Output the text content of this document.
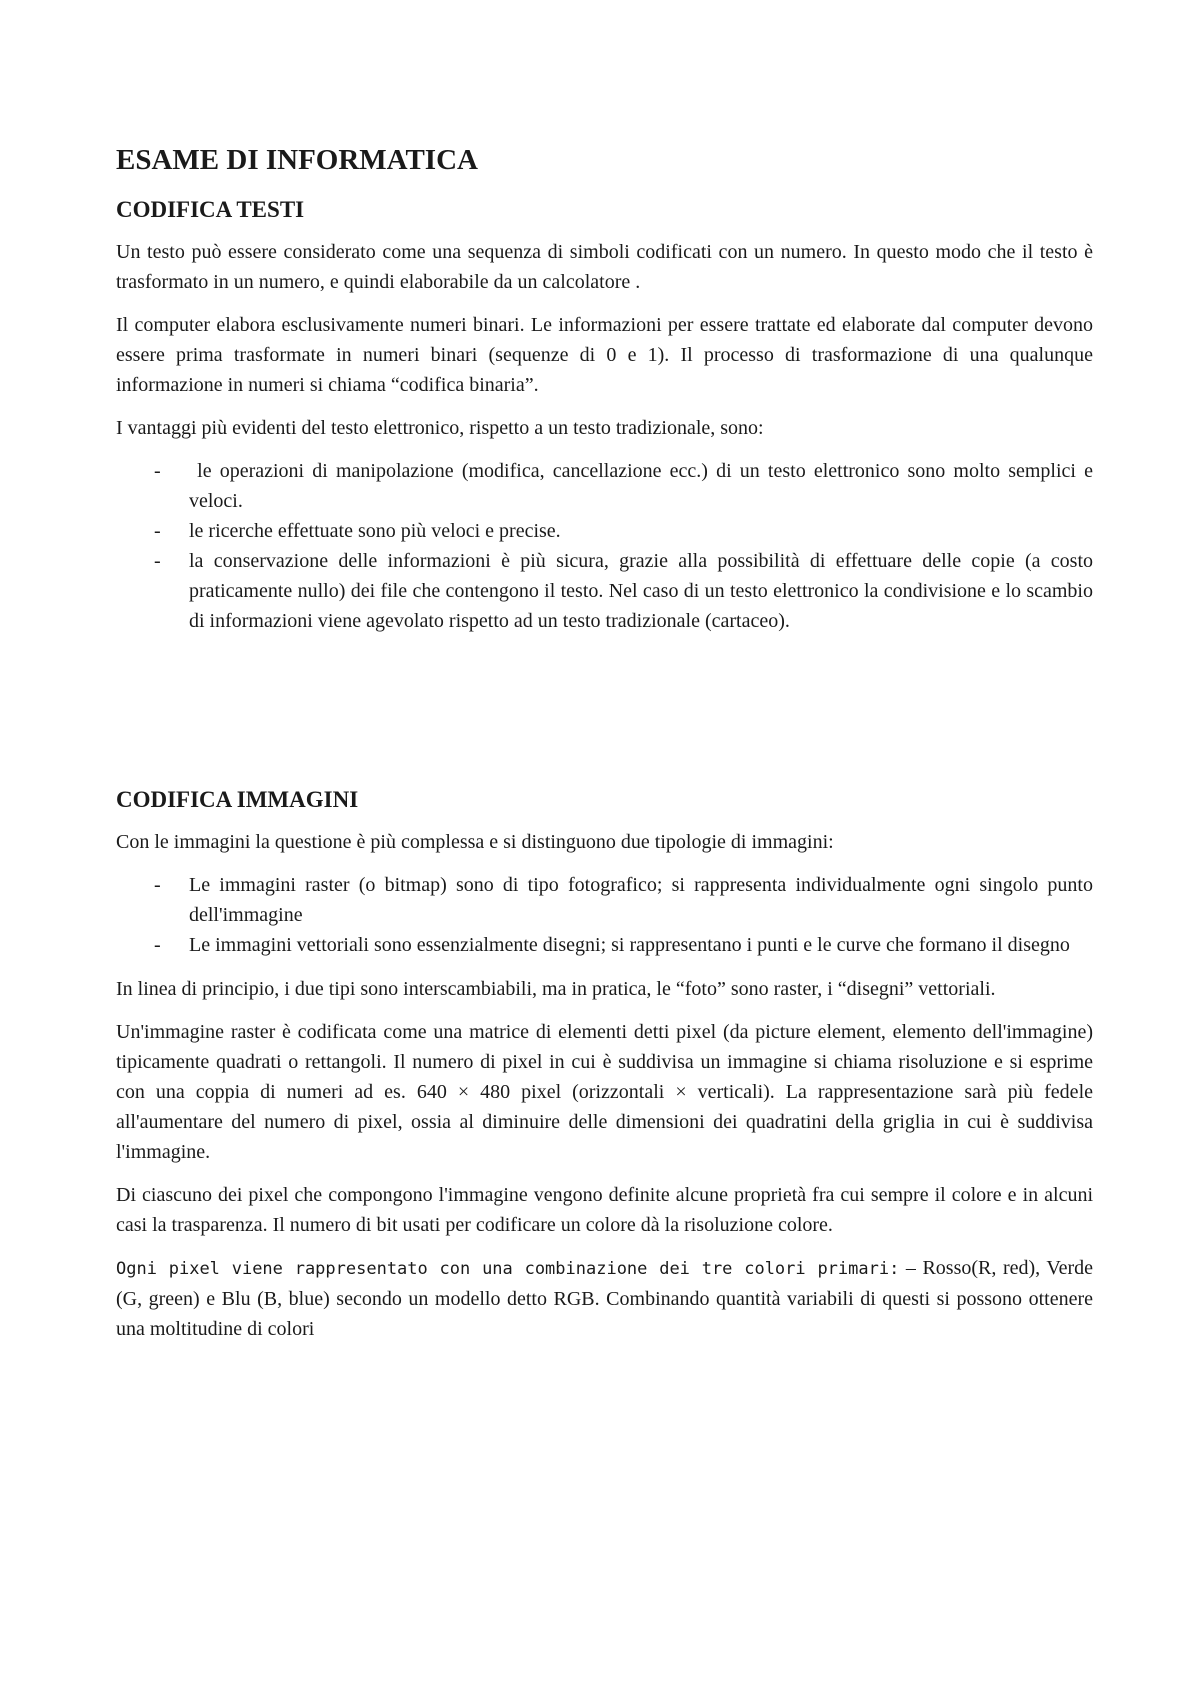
ESAME DI INFORMATICA
CODIFICA TESTI

Un testo può essere considerato come una sequenza di simboli codificati con un numero. In questo modo che il testo è trasformato in un numero, e quindi elaborabile da un calcolatore .

Il computer elabora esclusivamente numeri binari. Le informazioni per essere trattate ed elaborate dal computer devono essere prima trasformate in numeri binari (sequenze di 0 e 1). Il processo di trasformazione di una qualunque informazione in numeri si chiama “codifica binaria”.

I vantaggi più evidenti del testo elettronico, rispetto a un testo tradizionale, sono:

- le operazioni di manipolazione (modifica, cancellazione ecc.) di un testo elettronico sono molto semplici e veloci.
- le ricerche effettuate sono più veloci e precise.
- la conservazione delle informazioni è più sicura, grazie alla possibilità di effettuare delle copie (a costo praticamente nullo) dei file che contengono il testo. Nel caso di un testo elettronico la condivisione e lo scambio di informazioni viene agevolato rispetto ad un testo tradizionale (cartaceo).
CODIFICA IMMAGINI

Con le immagini la questione è più complessa e si distinguono due tipologie di immagini:

- Le immagini raster (o bitmap) sono di tipo fotografico; si rappresenta individualmente ogni singolo punto dell'immagine
- Le immagini vettoriali sono essenzialmente disegni; si rappresentano i punti e le curve che formano il disegno

In linea di principio, i due tipi sono interscambiabili, ma in pratica, le “foto” sono raster, i “disegni” vettoriali.

Un'immagine raster è codificata come una matrice di elementi detti pixel (da picture element, elemento dell'immagine) tipicamente quadrati o rettangoli. Il numero di pixel in cui è suddivisa un immagine si chiama risoluzione e si esprime con una coppia di numeri ad es. 640 × 480 pixel (orizzontali × verticali). La rappresentazione sarà più fedele all'aumentare del numero di pixel, ossia al diminuire delle dimensioni dei quadratini della griglia in cui è suddivisa l'immagine.

Di ciascuno dei pixel che compongono l'immagine vengono definite alcune proprietà fra cui sempre il colore e in alcuni casi la trasparenza. Il numero di bit usati per codificare un colore dà la risoluzione colore.

Ogni pixel viene rappresentato con una combinazione dei tre colori primari: – Rosso(R, red), Verde (G, green) e Blu (B, blue) secondo un modello detto RGB. Combinando quantità variabili di questi si possono ottenere una moltitudine di colori
